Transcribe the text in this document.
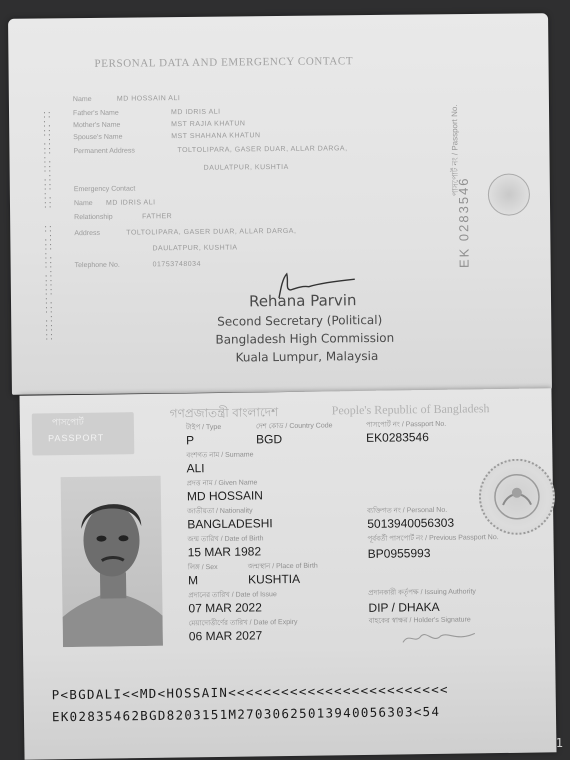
PERSONAL DATA AND EMERGENCY CONTACT
::
:.
::
.:
::
:.
::
.:
::
:.
::
::
.:
::
:.
::
.:
::
::
:.
::
.:
::
::
Name	MD HOSSAIN ALI
Father's Name	MD IDRIS ALI
Mother's Name	MST RAJIA KHATUN
Spouse's Name	MST SHAHANA KHATUN
Permanent Address	TOLTOLIPARA, GASER DUAR, ALLAR DARGA,
DAULATPUR, KUSHTIA
Emergency Contact
Name MD IDRIS ALI
Relationship	FATHER
Address	TOLTOLIPARA, GASER DUAR, ALLAR DARGA,
DAULATPUR, KUSHTIA
Telephone No.	01753748034
পাসপোর্ট নং / Passport No.
EK 0283546
Rehana Parvin
Second Secretary (Political)
Bangladesh High Commission
Kuala Lumpur, Malaysia
গণপ্রজাতন্ত্রী বাংলাদেশ	People's Republic of Bangladesh
পাসপোর্ট
PASSPORT
টাইপ / Type	দেশ কোড / Country Code	পাসপোর্ট নং / Passport No.
P	BGD	EK0283546
বংশগত নাম / Surname
ALI
প্রদত্ত নাম / Given Name
MD HOSSAIN
জাতীয়তা / Nationality
BANGLADESHI
ব্যক্তিগত নং / Personal No.
5013940056303
জন্ম তারিখ / Date of Birth
15 MAR 1982
পূর্ববর্তী পাসপোর্ট নং / Previous Passport No.
BP0955993
লিঙ্গ / Sex	জন্মস্থান / Place of Birth
M	KUSHTIA
প্রদানের তারিখ / Date of Issue
07 MAR 2022
প্রদানকারী কর্তৃপক্ষ / Issuing Authority
DIP / DHAKA
মেয়াদোত্তীর্ণের তারিখ / Date of Expiry
06 MAR 2027
বাহকের স্বাক্ষর / Holder's Signature
P<BGDALI<<MD<HOSSAIN<<<<<<<<<<<<<<<<<<<<<<<<<
EK02835462BGD8203151M2703062501394005630З<54
2025.12.02 18:51
